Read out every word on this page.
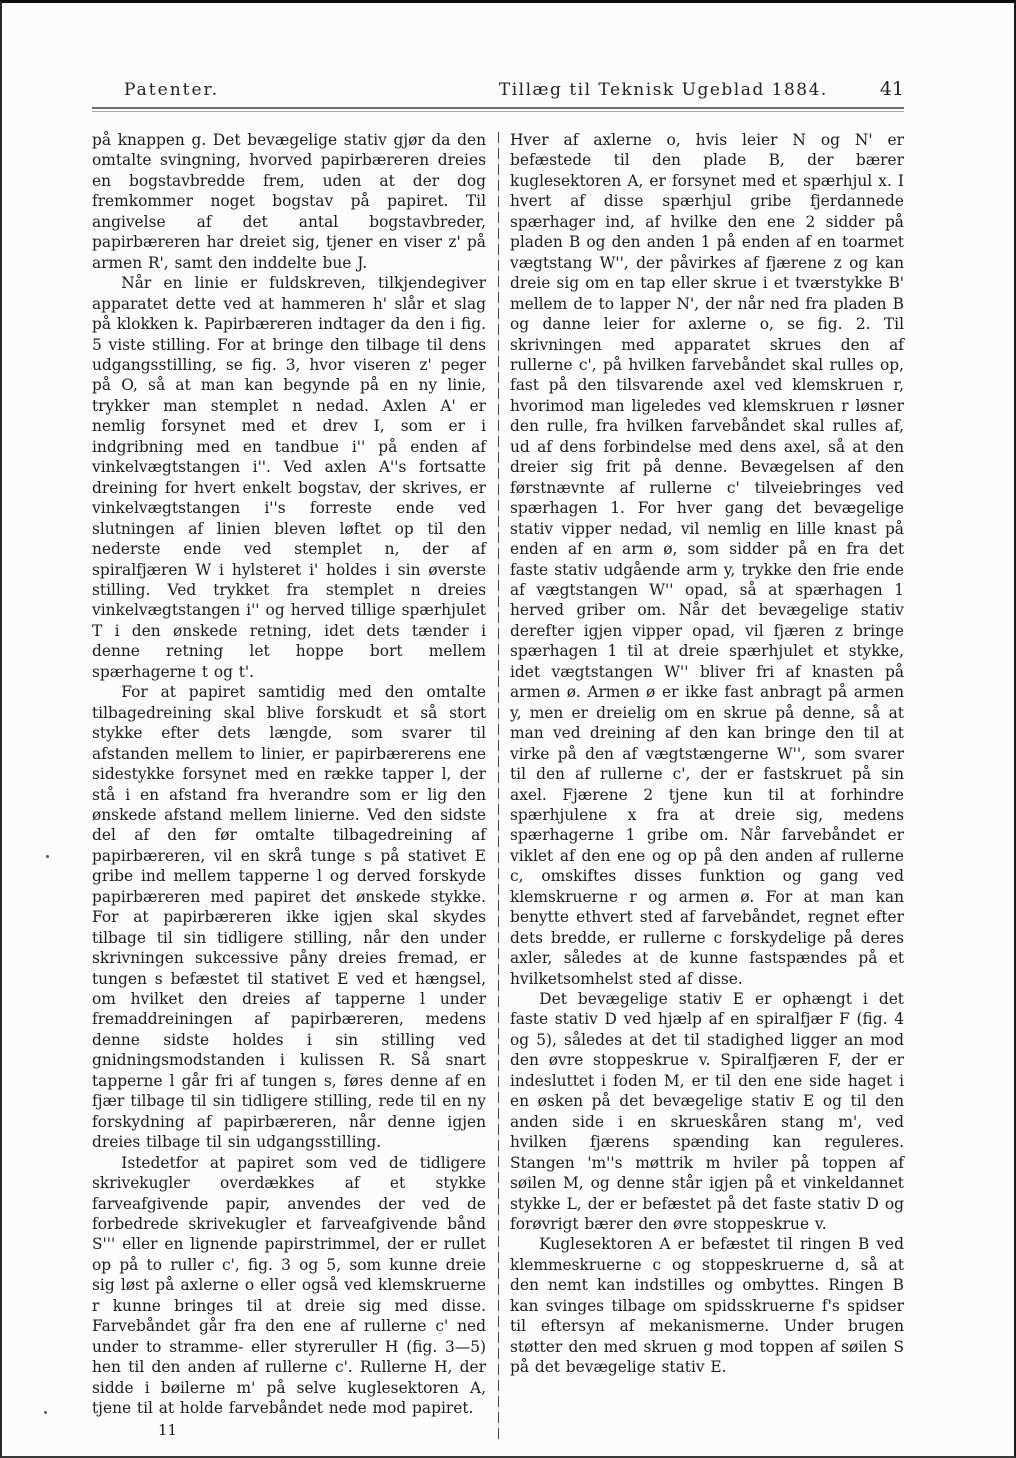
Patenter.	Tillæg til Teknisk Ugeblad 1884.	41

på knappen g. Det bevægelige stativ gjør da den omtalte svingning, hvorved papirbæreren dreies en bogstavbredde frem, uden at der dog fremkommer noget bogstav på papiret. Til angivelse af det antal bogstavbreder, papirbæreren har dreiet sig, tjener en viser z' på armen R', samt den inddelte bue J.

Når en linie er fuldskreven, tilkjendegiver apparatet dette ved at hammeren h' slår et slag på klokken k. Papirbæreren indtager da den i fig. 5 viste stilling. For at bringe den tilbage til dens udgangsstilling, se fig. 3, hvor viseren z' peger på O, så at man kan begynde på en ny linie, trykker man stemplet n nedad. Axlen A' er nemlig forsynet med et drev I, som er i indgribning med en tandbue i'' på enden af vinkelvægtstangen i''. Ved axlen A''s fortsatte dreining for hvert enkelt bogstav, der skrives, er vinkelvægtstangen i''s forreste ende ved slutningen af linien bleven løftet op til den nederste ende ved stemplet n, der af spiralfjæren W i hylsteret i' holdes i sin øverste stilling. Ved trykket fra stemplet n dreies vinkelvægtstangen i'' og herved tillige spærhjulet T i den ønskede retning, idet dets tænder i denne retning let hoppe bort mellem spærhagerne t og t'.

For at papiret samtidig med den omtalte tilbagedreining skal blive forskudt et så stort stykke efter dets længde, som svarer til afstanden mellem to linier, er papirbærerens ene sidestykke forsynet med en række tapper l, der stå i en afstand fra hverandre som er lig den ønskede afstand mellem linierne. Ved den sidste del af den før omtalte tilbagedreining af papirbæreren, vil en skrå tunge s på stativet E gribe ind mellem tapperne l og derved forskyde papirbæreren med papiret det ønskede stykke. For at papirbæreren ikke igjen skal skydes tilbage til sin tidligere stilling, når den under skrivningen sukcessive påny dreies fremad, er tungen s befæstet til stativet E ved et hængsel, om hvilket den dreies af tapperne l under fremaddreiningen af papirbæreren, medens denne sidste holdes i sin stilling ved gnidningsmodstanden i kulissen R. Så snart tapperne l går fri af tungen s, føres denne af en fjær tilbage til sin tidligere stilling, rede til en ny forskydning af papirbæreren, når denne igjen dreies tilbage til sin udgangsstilling.

Istedetfor at papiret som ved de tidligere skrivekugler overdækkes af et stykke farveafgivende papir, anvendes der ved de forbedrede skrivekugler et farveafgivende bånd S''' eller en lignende papirstrimmel, der er rullet op på to ruller c', fig. 3 og 5, som kunne dreie sig løst på axlerne o eller også ved klemskruerne r kunne bringes til at dreie sig med disse. Farvebåndet går fra den ene af rullerne c' ned under to stramme- eller styreruller H (fig. 3—5) hen til den anden af rullerne c'. Rullerne H, der sidde i bøilerne m' på selve kuglesektoren A, tjene til at holde farvebåndet nede mod papiret.

11

Hver af axlerne o, hvis leier N og N' er befæstede til den plade B, der bærer kuglesektoren A, er forsynet med et spærhjul x. I hvert af disse spærhjul gribe fjerdannede spærhager ind, af hvilke den ene 2 sidder på pladen B og den anden 1 på enden af en toarmet vægtstang W'', der påvirkes af fjærene z og kan dreie sig om en tap eller skrue i et tværstykke B' mellem de to lapper N', der når ned fra pladen B og danne leier for axlerne o, se fig. 2. Til skrivningen med apparatet skrues den af rullerne c', på hvilken farvebåndet skal rulles op, fast på den tilsvarende axel ved klemskruen r, hvorimod man ligeledes ved klemskruen r løsner den rulle, fra hvilken farvebåndet skal rulles af, ud af dens forbindelse med dens axel, så at den dreier sig frit på denne. Bevægelsen af den førstnævnte af rullerne c' tilveiebringes ved spærhagen 1. For hver gang det bevægelige stativ vipper nedad, vil nemlig en lille knast på enden af en arm ø, som sidder på en fra det faste stativ udgående arm y, trykke den frie ende af vægtstangen W'' opad, så at spærhagen 1 herved griber om. Når det bevægelige stativ derefter igjen vipper opad, vil fjæren z bringe spærhagen 1 til at dreie spærhjulet et stykke, idet vægtstangen W'' bliver fri af knasten på armen ø. Armen ø er ikke fast anbragt på armen y, men er dreielig om en skrue på denne, så at man ved dreining af den kan bringe den til at virke på den af vægtstængerne W'', som svarer til den af rullerne c', der er fastskruet på sin axel. Fjærene 2 tjene kun til at forhindre spærhjulene x fra at dreie sig, medens spærhagerne 1 gribe om. Når farvebåndet er viklet af den ene og op på den anden af rullerne c, omskiftes disses funktion og gang ved klemskruerne r og armen ø. For at man kan benytte ethvert sted af farvebåndet, regnet efter dets bredde, er rullerne c forskydelige på deres axler, således at de kunne fastspændes på et hvilketsomhelst sted af disse.

Det bevægelige stativ E er ophængt i det faste stativ D ved hjælp af en spiralfjær F (fig. 4 og 5), således at det til stadighed ligger an mod den øvre stoppeskrue v. Spiralfjæren F, der er indesluttet i foden M, er til den ene side haget i en øsken på det bevægelige stativ E og til den anden side i en skrueskåren stang m', ved hvilken fjærens spænding kan reguleres. Stangen 'm''s møttrik m hviler på toppen af søilen M, og denne står igjen på et vinkeldannet stykke L, der er befæstet på det faste stativ D og forøvrigt bærer den øvre stoppeskrue v.

Kuglesektoren A er befæstet til ringen B ved klemmeskruerne c og stoppeskruerne d, så at den nemt kan indstilles og ombyttes. Ringen B kan svinges tilbage om spidsskruerne f's spidser til eftersyn af mekanismerne. Under brugen støtter den med skruen g mod toppen af søilen S på det bevægelige stativ E.
